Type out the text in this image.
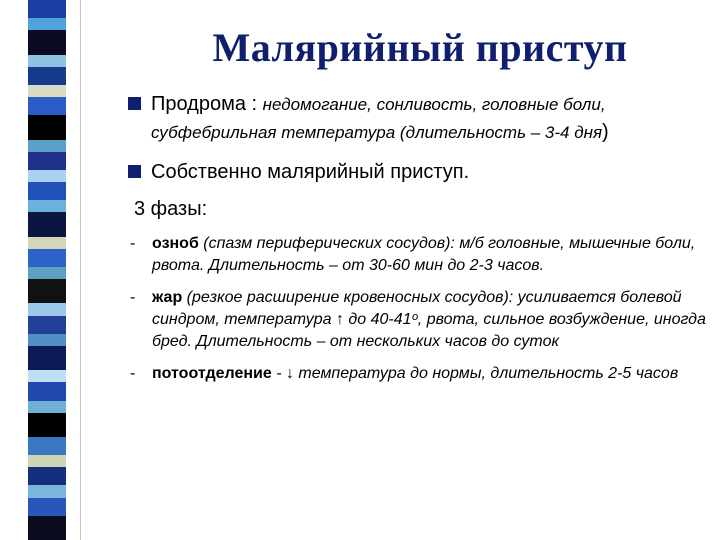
Малярийный приступ
Продрома : недомогание, сонливость, головные боли, субфебрильная температура (длительность – 3-4 дня)
Собственно малярийный приступ.
3 фазы:
-	озноб (спазм периферических сосудов): м/б головные, мышечные боли, рвота. Длительность – от 30-60 мин до 2-3 часов.
-	жар (резкое расширение кровеносных сосудов): усиливается болевой синдром, температура ↑ до 40-41ᵒ, рвота, сильное возбуждение, иногда бред. Длительность – от нескольких часов до суток
-	потоотделение - ↓ температура до нормы, длительность 2-5 часов
